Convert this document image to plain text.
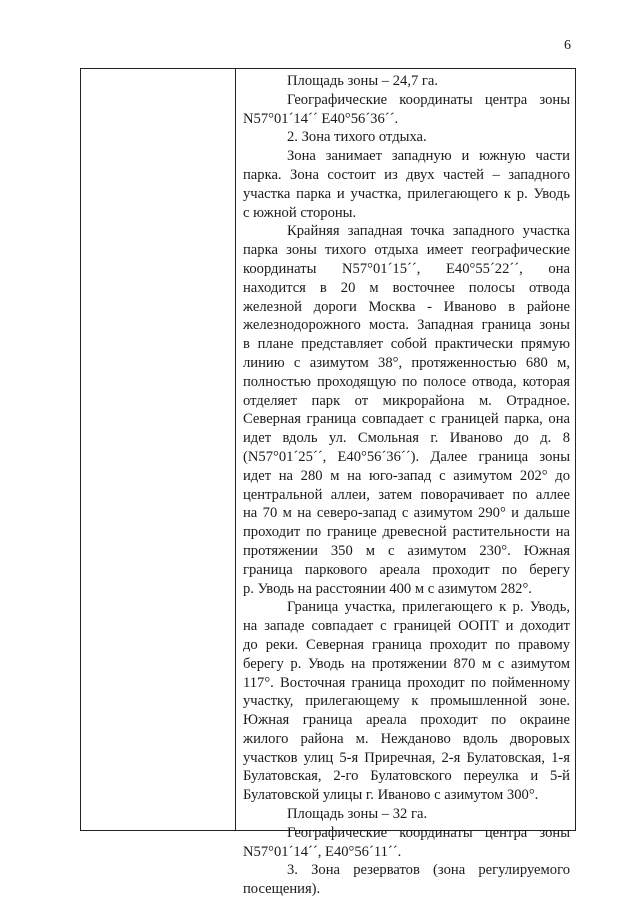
6

Площадь зоны – 24,7 га.

Географические координаты центра зоны

N57°01´14´´ E40°56´36´´.

2. Зона тихого отдыха.

Зона занимает западную и южную части

парка. Зона состоит из двух частей – западного

участка парка и участка, прилегающего к р. Уводь

с южной стороны.

Крайняя западная точка западного участка

парка зоны тихого отдыха имеет географические

координаты N57°01´15´´, E40°55´22´´, она

находится в 20 м восточнее полосы отвода

железной дороги Москва - Иваново в районе

железнодорожного моста. Западная граница зоны

в плане представляет собой практически прямую

линию с азимутом 38°, протяженностью 680 м,

полностью проходящую по полосе отвода, которая

отделяет парк от микрорайона м. Отрадное.

Северная граница совпадает с границей парка, она

идет вдоль ул. Смольная г. Иваново до д. 8

(N57°01´25´´, E40°56´36´´). Далее граница зоны

идет на 280 м на юго-запад с азимутом 202° до

центральной аллеи, затем поворачивает по аллее

на 70 м на северо-запад с азимутом 290° и дальше

проходит по границе древесной растительности на

протяжении 350 м с азимутом 230°. Южная

граница паркового ареала проходит по берегу

р. Уводь на расстоянии 400 м с азимутом 282°.

Граница участка, прилегающего к р. Уводь,

на западе совпадает с границей ООПТ и доходит

до реки. Северная граница проходит по правому

берегу р. Уводь на протяжении 870 м с азимутом

117°. Восточная граница проходит по пойменному

участку, прилегающему к промышленной зоне.

Южная граница ареала проходит по окраине

жилого района м. Нежданово вдоль дворовых

участков улиц 5-я Приречная, 2-я Булатовская, 1-я

Булатовская, 2-го Булатовского переулка и 5-й

Булатовской улицы г. Иваново с азимутом 300°.

Площадь зоны – 32 га.

Географические координаты центра зоны

N57°01´14´´, E40°56´11´´.

3. Зона резерватов (зона регулируемого

посещения).
